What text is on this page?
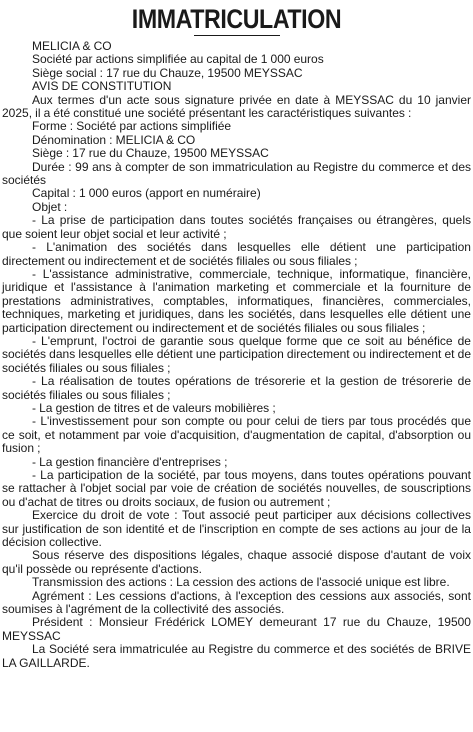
IMMATRICULATION

MELICIA & CO

Société par actions simplifiée au capital de 1 000 euros

Siège social : 17 rue du Chauze, 19500 MEYSSAC

AVIS DE CONSTITUTION

Aux termes d'un acte sous signature privée en date à MEYSSAC du 10 janvier 2025, il a été constitué une société présentant les caractéristiques suivantes :

Forme : Société par actions simplifiée

Dénomination : MELICIA & CO

Siège : 17 rue du Chauze, 19500 MEYSSAC

Durée : 99 ans à compter de son immatriculation au Registre du commerce et des sociétés

Capital : 1 000 euros (apport en numéraire)

Objet :

- La prise de participation dans toutes sociétés françaises ou étrangères, quels que soient leur objet social et leur activité ;

- L'animation des sociétés dans lesquelles elle détient une participation directement ou indirectement et de sociétés filiales ou sous filiales ;

- L'assistance administrative, commerciale, technique, informatique, financière, juridique et l'assistance à l'animation marketing et commerciale et la fourniture de prestations administratives, comptables, informatiques, financières, commerciales, techniques, marketing et juridiques, dans les sociétés, dans lesquelles elle détient une participation directement ou indirectement et de sociétés filiales ou sous filiales ;

- L'emprunt, l'octroi de garantie sous quelque forme que ce soit au bénéfice de sociétés dans lesquelles elle détient une participation directement ou indirectement et de sociétés filiales ou sous filiales ;

- La réalisation de toutes opérations de trésorerie et la gestion de trésorerie de sociétés filiales ou sous filiales ;

- La gestion de titres et de valeurs mobilières ;

- L'investissement pour son compte ou pour celui de tiers par tous procédés que ce soit, et notamment par voie d'acquisition, d'augmentation de capital, d'absorption ou fusion ;

- La gestion financière d'entreprises ;

- La participation de la société, par tous moyens, dans toutes opérations pouvant se rattacher à l'objet social par voie de création de sociétés nouvelles, de souscriptions ou d'achat de titres ou droits sociaux, de fusion ou autrement ;

Exercice du droit de vote : Tout associé peut participer aux décisions collectives sur justification de son identité et de l'inscription en compte de ses actions au jour de la décision collective.

Sous réserve des dispositions légales, chaque associé dispose d'autant de voix qu'il possède ou représente d'actions.

Transmission des actions : La cession des actions de l'associé unique est libre.

Agrément : Les cessions d'actions, à l'exception des cessions aux associés, sont soumises à l'agrément de la collectivité des associés.

Président : Monsieur Frédérick LOMEY demeurant 17 rue du Chauze, 19500 MEYSSAC

La Société sera immatriculée au Registre du commerce et des sociétés de BRIVE LA GAILLARDE.
